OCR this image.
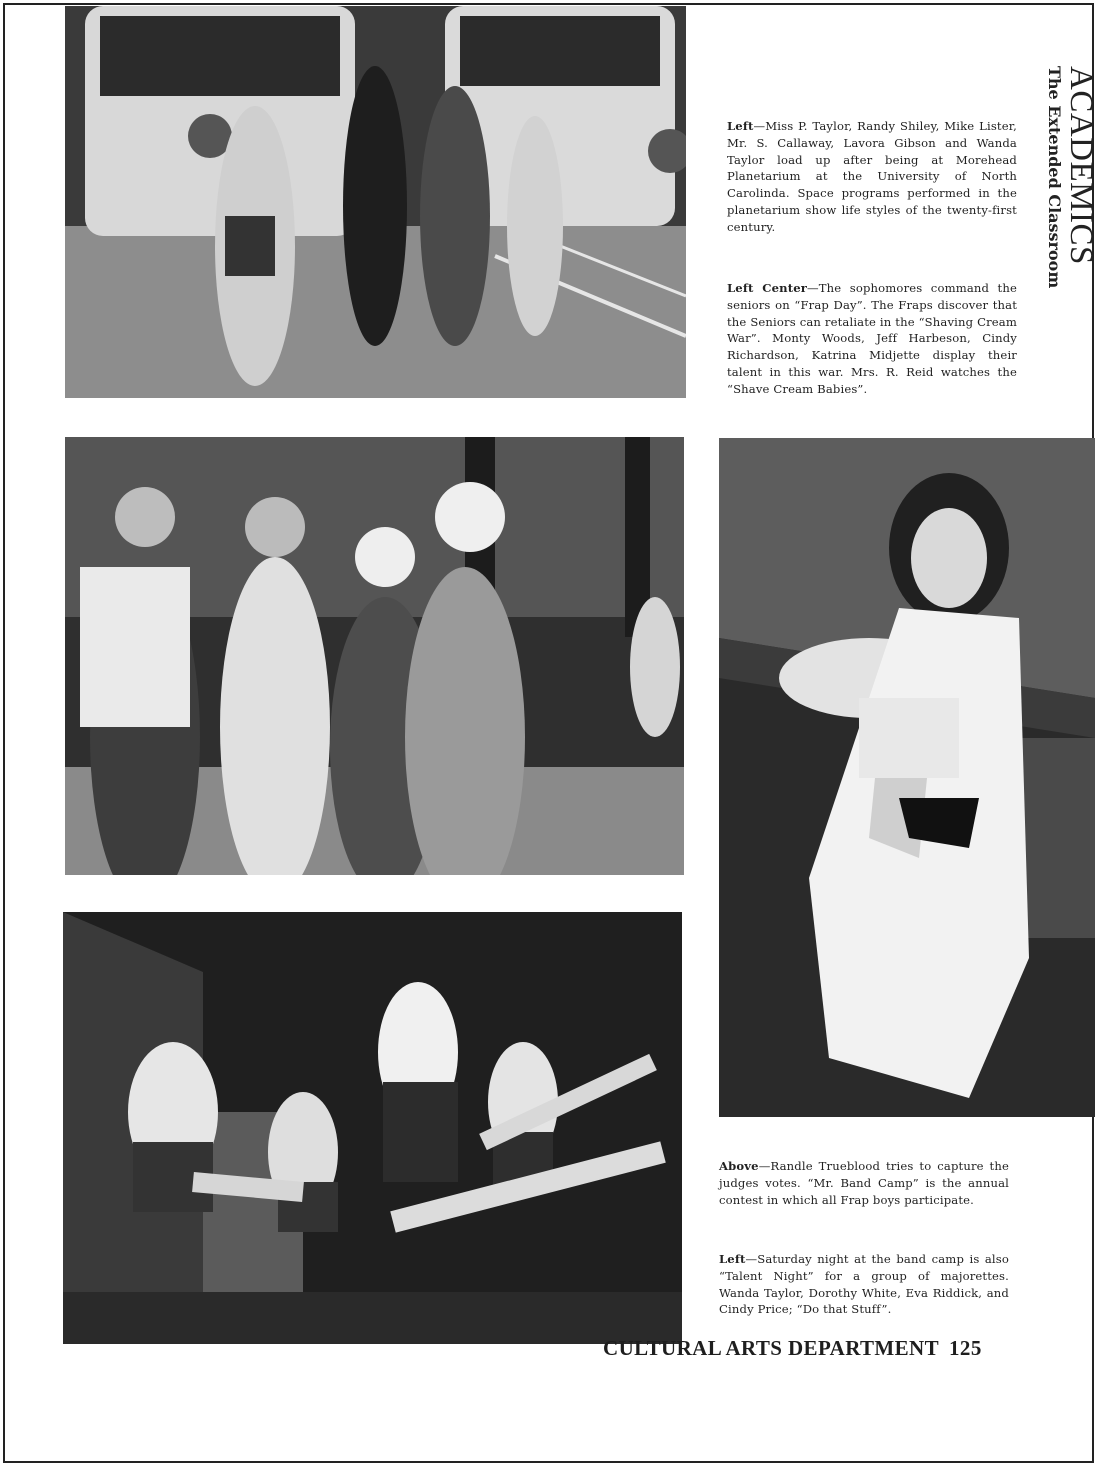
Left—Miss P. Taylor, Randy Shiley, Mike Lister, Mr. S. Callaway, Lavora Gibson and Wanda Taylor load up after being at Morehead Planetarium at the University of North Carolinda. Space programs performed in the planetarium show life styles of the twenty-first century.
Left Center—The sophomores command the seniors on “Frap Day”. The Fraps discover that the Seniors can retaliate in the “Shaving Cream War”. Monty Woods, Jeff Harbeson, Cindy Richardson, Katrina Midjette display their talent in this war. Mrs. R. Reid watches the “Shave Cream Babies”.
Above—Randle Trueblood tries to capture the judges votes. “Mr. Band Camp” is the annual contest in which all Frap boys participate.
Left—Saturday night at the band camp is also “Talent Night” for a group of majorettes. Wanda Taylor, Dorothy White, Eva Riddick, and Cindy Price; “Do that Stuff”.
ACADEMICS
The Extended Classroom
CULTURAL ARTS DEPARTMENT 125
